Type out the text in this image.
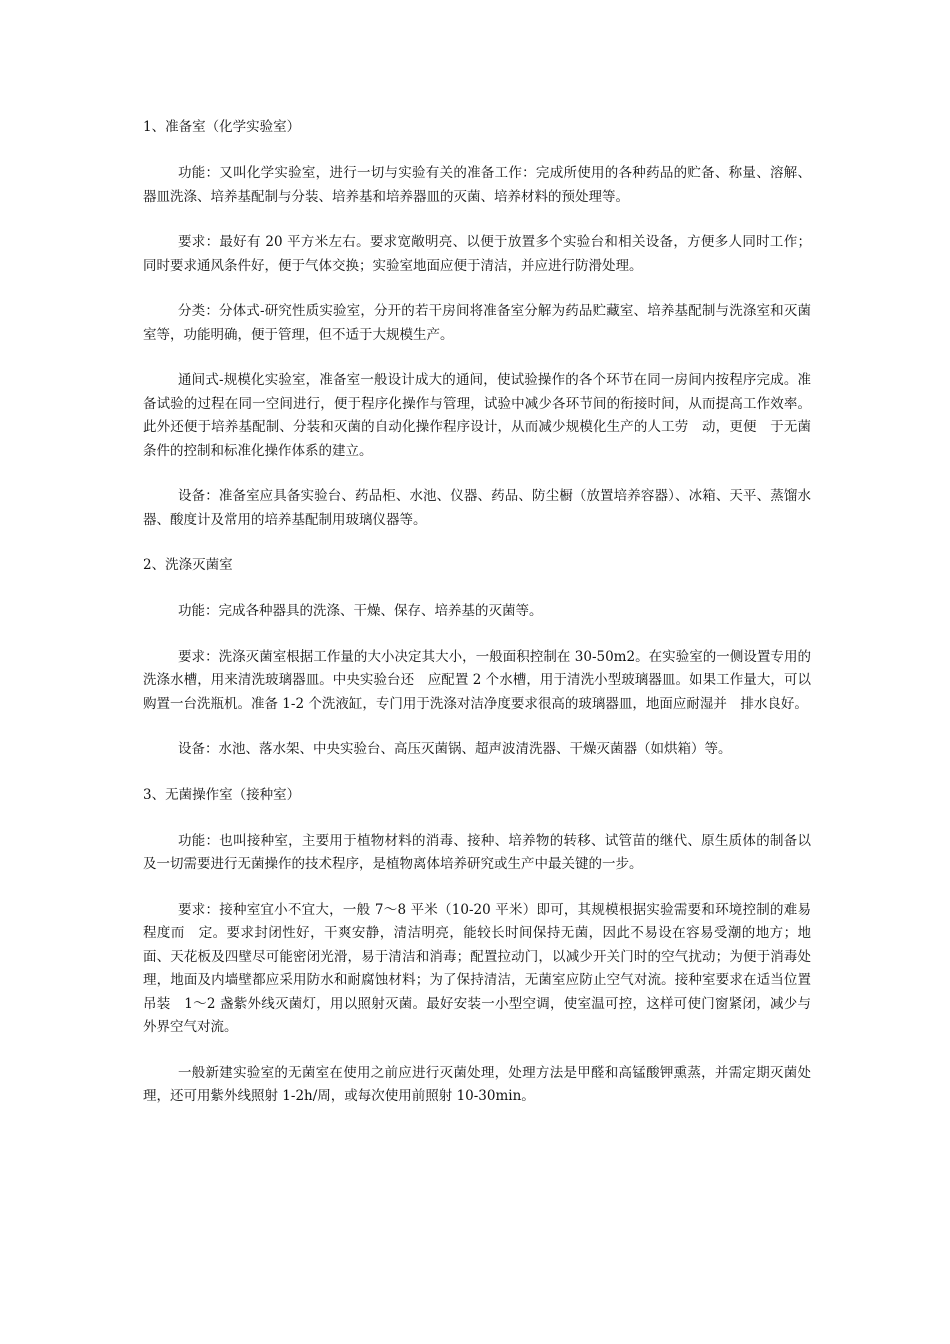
1、准备室（化学实验室）

功能：又叫化学实验室，进行一切与实验有关的准备工作：完成所使用的各种药品的贮备、称量、溶解、器皿洗涤、培养基配制与分装、培养基和培养器皿的灭菌、培养材料的预处理等。

要求：最好有 20 平方米左右。要求宽敞明亮、以便于放置多个实验台和相关设备，方便多人同时工作；同时要求通风条件好，便于气体交换；实验室地面应便于清洁，并应进行防滑处理。

分类：分体式-研究性质实验室，分开的若干房间将准备室分解为药品贮藏室、培养基配制与洗涤室和灭菌室等，功能明确，便于管理，但不适于大规模生产。

通间式-规模化实验室，准备室一般设计成大的通间，使试验操作的各个环节在同一房间内按程序完成。准备试验的过程在同一空间进行，便于程序化操作与管理，试验中减少各环节间的衔接时间，从而提高工作效率。此外还便于培养基配制、分装和灭菌的自动化操作程序设计，从而减少规模化生产的人工劳　动，更便　于无菌条件的控制和标准化操作体系的建立。

设备：准备室应具备实验台、药品柜、水池、仪器、药品、防尘橱（放置培养容器）、冰箱、天平、蒸馏水器、酸度计及常用的培养基配制用玻璃仪器等。

2、洗涤灭菌室

功能：完成各种器具的洗涤、干燥、保存、培养基的灭菌等。

要求：洗涤灭菌室根据工作量的大小决定其大小，一般面积控制在 30-50m2。在实验室的一侧设置专用的洗涤水槽，用来清洗玻璃器皿。中央实验台还　应配置 2 个水槽，用于清洗小型玻璃器皿。如果工作量大，可以购置一台洗瓶机。准备 1-2 个洗液缸，专门用于洗涤对洁净度要求很高的玻璃器皿，地面应耐湿并　排水良好。

设备：水池、落水架、中央实验台、高压灭菌锅、超声波清洗器、干燥灭菌器（如烘箱）等。

3、无菌操作室（接种室）

功能：也叫接种室，主要用于植物材料的消毒、接种、培养物的转移、试管苗的继代、原生质体的制备以及一切需要进行无菌操作的技术程序，是植物离体培养研究或生产中最关键的一步。

要求：接种室宜小不宜大，一般 7～8 平米（10-20 平米）即可，其规模根据实验需要和环境控制的难易程度而　定。要求封闭性好，干爽安静，清洁明亮，能较长时间保持无菌，因此不易设在容易受潮的地方；地面、天花板及四壁尽可能密闭光滑，易于清洁和消毒；配置拉动门，以减少开关门时的空气扰动；为便于消毒处理，地面及内墙壁都应采用防水和耐腐蚀材料；为了保持清洁，无菌室应防止空气对流。接种室要求在适当位置吊装　1～2 盏紫外线灭菌灯，用以照射灭菌。最好安装一小型空调，使室温可控，这样可使门窗紧闭，减少与外界空气对流。

一般新建实验室的无菌室在使用之前应进行灭菌处理，处理方法是甲醛和高锰酸钾熏蒸，并需定期灭菌处理，还可用紫外线照射 1-2h/周，或每次使用前照射 10-30min。
